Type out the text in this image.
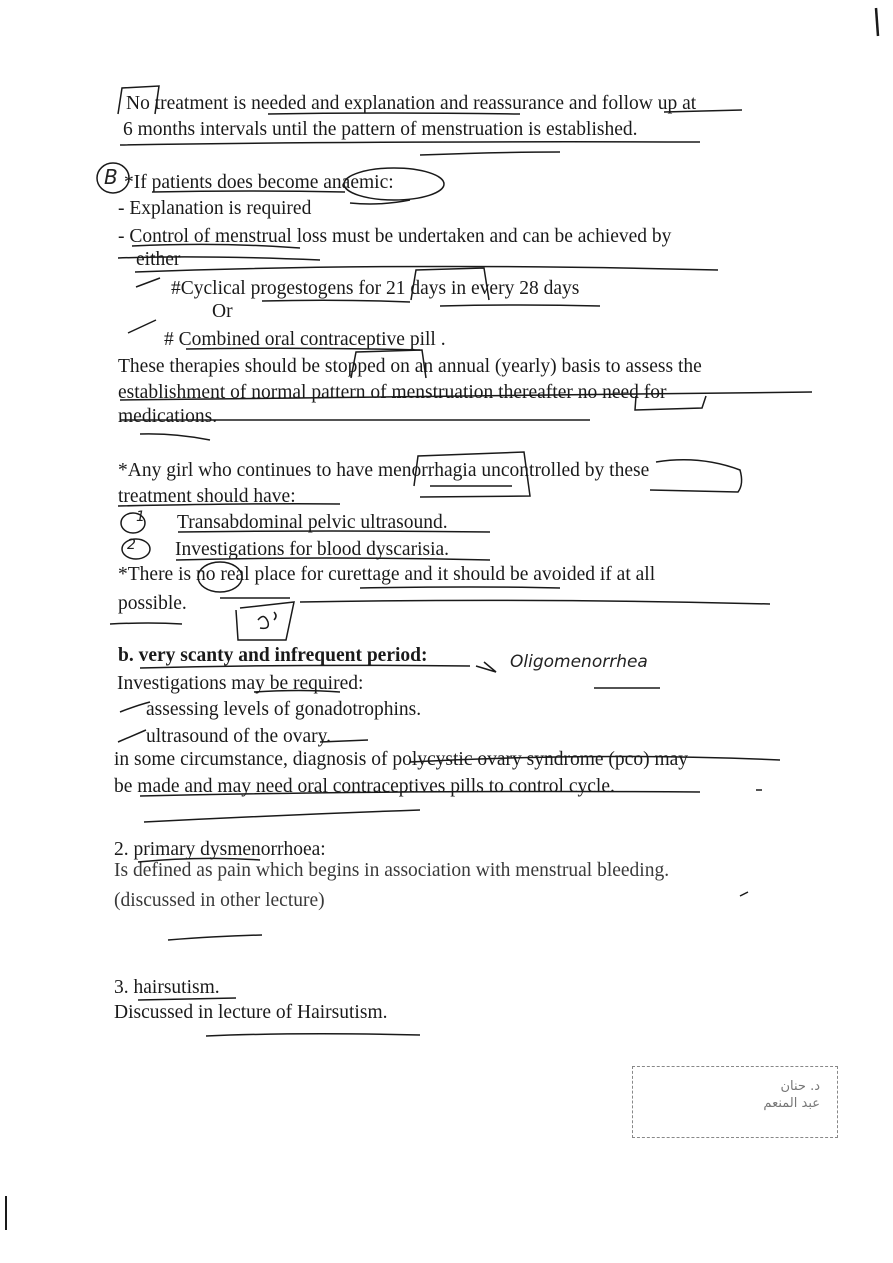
No treatment is needed and explanation and reassurance and follow up at

6 months intervals until the pattern of menstruation is established.

*If patients does become anaemic:

- Explanation is required

- Control of menstrual loss must be undertaken and can be achieved by

either

#Cyclical progestogens for 21 days in every 28 days

Or

# Combined oral contraceptive pill .

These therapies should be stopped on an annual (yearly) basis to assess the

establishment of normal pattern of menstruation thereafter no need for

medications.

*Any girl who continues to have menorrhagia uncontrolled by these

treatment should have:

Transabdominal pelvic ultrasound.

Investigations for blood dyscarisia.

*There is no real place for curettage and it should be avoided if at all

possible.

b. very scanty and infrequent period:

Investigations may be required:

assessing levels of gonadotrophins.

ultrasound of the ovary.

in some circumstance, diagnosis of polycystic ovary syndrome (pco) may

be made and may need oral contraceptives pills to control cycle.

2. primary dysmenorrhoea:

Is defined as pain which begins in association with menstrual bleeding.

(discussed in other lecture)

3. hairsutism.

Discussed in lecture of Hairsutism.

B
1
2
Oligomenorrhea
د. حنان
عبد المنعم
